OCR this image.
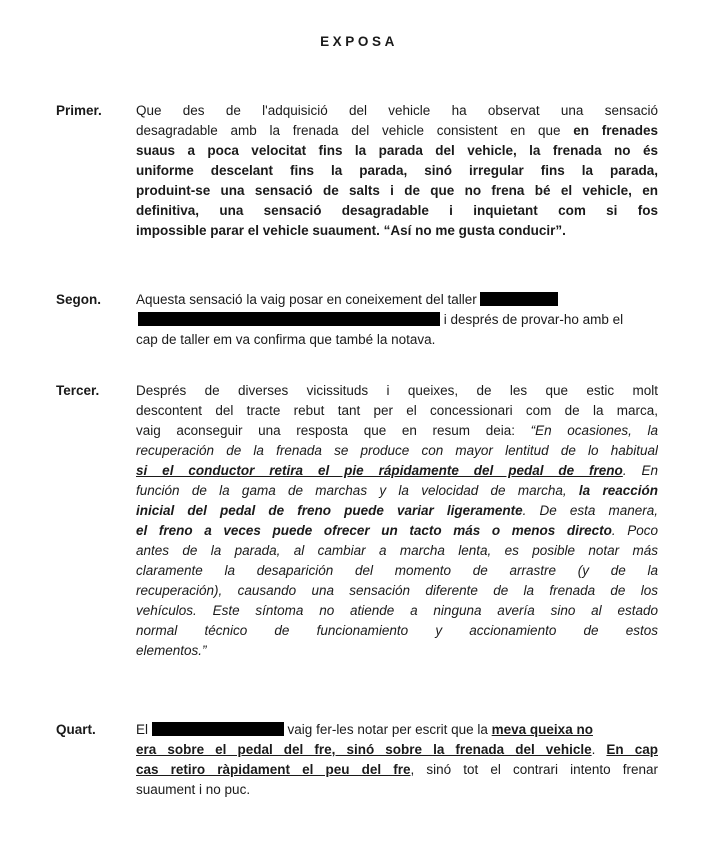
EXPOSA
Primer.	Que des de l'adquisició del vehicle ha observat una sensació
desagradable amb la frenada del vehicle consistent en que en frenades
suaus a poca velocitat fins la parada del vehicle, la frenada no és
uniforme descelant fins la parada, sinó irregular fins la parada,
produint-se una sensació de salts i de que no frena bé el vehicle, en
definitiva, una sensació desagradable i inquietant com si fos
impossible parar el vehicle suaument. “Así no me gusta conducir”.
Segon.	Aquesta sensació la vaig posar en coneixement del taller
i després de provar-ho amb el
cap de taller em va confirma que també la notava.
Tercer.	Després de diverses vicissituds i queixes, de les que estic molt
descontent del tracte rebut tant per el concessionari com de la marca,
vaig aconseguir una resposta que en resum deia: “En ocasiones, la
recuperación de la frenada se produce con mayor lentitud de lo habitual
si el conductor retira el pie rápidamente del pedal de freno. En
función de la gama de marchas y la velocidad de marcha, la reacción
inicial del pedal de freno puede variar ligeramente. De esta manera,
el freno a veces puede ofrecer un tacto más o menos directo. Poco
antes de la parada, al cambiar a marcha lenta, es posible notar más
claramente la desaparición del momento de arrastre (y de la
recuperación), causando una sensación diferente de la frenada de los
vehículos. Este síntoma no atiende a ninguna avería sino al estado
normal técnico de funcionamiento y accionamiento de estos
elementos.”
Quart.	El	vaig fer-les notar per escrit que la meva queixa no
era sobre el pedal del fre, sinó sobre la frenada del vehicle. En cap
cas retiro ràpidament el peu del fre, sinó tot el contrari intento frenar
suaument i no puc.
